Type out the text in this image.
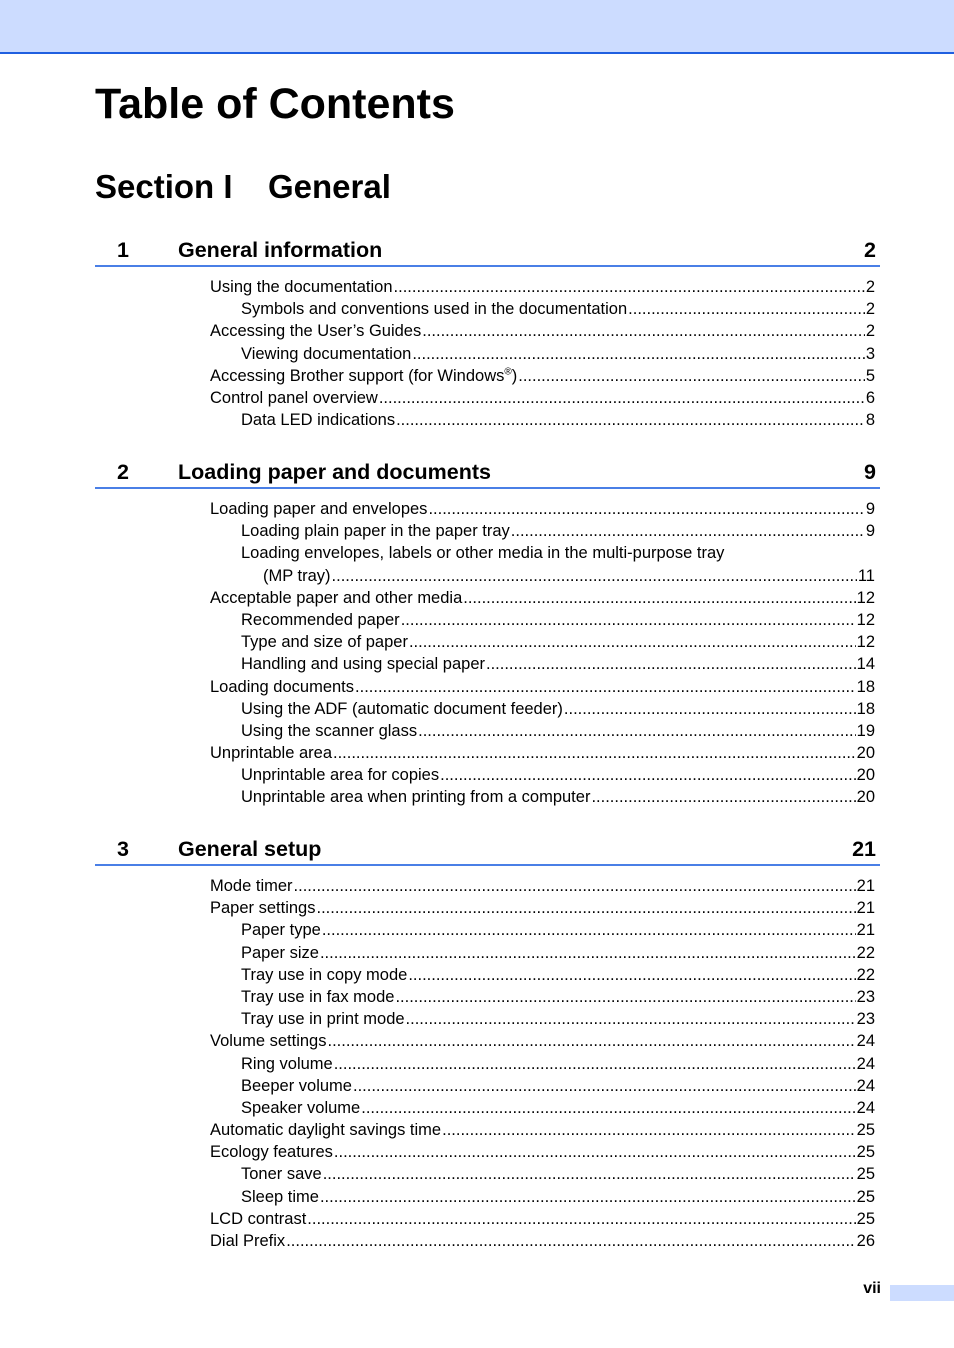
Table of Contents
Section I General
1 General information	2
Using the documentation .....	2
Symbols and conventions used in the documentation .....	2
Accessing the User’s Guides .....	2
Viewing documentation .....	3
Accessing Brother support (for Windows®) .....	5
Control panel overview .....	6
Data LED indications .....	8
2 Loading paper and documents	9
Loading paper and envelopes .....	9
Loading plain paper in the paper tray .....	9
Loading envelopes, labels or other media in the multi-purpose tray
(MP tray) .....	11
Acceptable paper and other media .....	12
Recommended paper .....	12
Type and size of paper .....	12
Handling and using special paper .....	14
Loading documents .....	18
Using the ADF (automatic document feeder) .....	18
Using the scanner glass .....	19
Unprintable area .....	20
Unprintable area for copies .....	20
Unprintable area when printing from a computer .....	20
3 General setup	21
Mode timer .....	21
Paper settings .....	21
Paper type .....	21
Paper size .....	22
Tray use in copy mode .....	22
Tray use in fax mode .....	23
Tray use in print mode .....	23
Volume settings .....	24
Ring volume .....	24
Beeper volume .....	24
Speaker volume .....	24
Automatic daylight savings time .....	25
Ecology features .....	25
Toner save .....	25
Sleep time .....	25
LCD contrast .....	25
Dial Prefix .....	26
vii
